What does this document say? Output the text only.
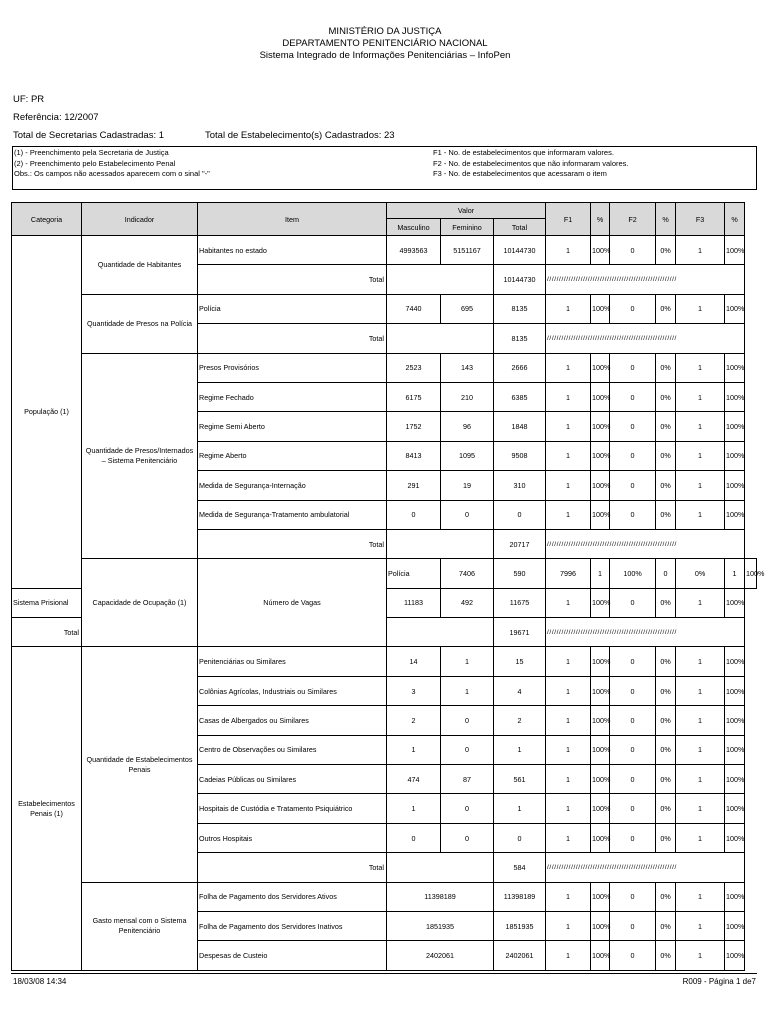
MINISTÉRIO DA JUSTIÇA
DEPARTAMENTO PENITENCIÁRIO NACIONAL
Sistema Integrado de Informações Penitenciárias – InfoPen
UF: PR
Referência: 12/2007
Total de Secretarias Cadastradas: 1	Total de Estabelecimento(s) Cadastrados: 23
(1) - Preenchimento pela Secretaria de Justiça
(2) - Preenchimento pelo Estabelecimento Penal
Obs.: Os campos não acessados aparecem com o sinal "-"
F1 - No. de estabelecimentos que informaram valores.
F2 - No. de estabelecimentos que não informaram valores.
F3 - No. de estabelecimentos que acessaram o item
Categoria	Indicador	Item	Valor			F1	%	F2	%	F3	%	
			Masculino	Feminino	Total							
População (1)	Quantidade de Habitantes	Habitantes no estado	4993563	5151167	10144730	1	100%	0	0%	1	100%	
		Total			10144730	//////////////////////////////////////////////////////						
	Quantidade de Presos na Polícia	Polícia	7440	695	8135	1	100%	0	0%	1	100%	
		Total			8135	//////////////////////////////////////////////////////						
	Quantidade de Presos/Internados – Sistema Penitenciário	Presos Provisórios	2523	143	2666	1	100%	0	0%	1	100%	
		Regime Fechado	6175	210	6385	1	100%	0	0%	1	100%	
		Regime Semi Aberto	1752	96	1848	1	100%	0	0%	1	100%	
		Regime Aberto	8413	1095	9508	1	100%	0	0%	1	100%	
		Medida de Segurança-Internação	291	19	310	1	100%	0	0%	1	100%	
		Medida de Segurança-Tratamento ambulatorial	0	0	0	1	100%	0	0%	1	100%	
		Total			20717	//////////////////////////////////////////////////////						
	Capacidade de Ocupação (1)	Número de Vagas	Polícia	7406	590	7996	1	100%	0	0%	1	100%
Sistema Prisional			11183	492	11675	1	100%	0	0%	1	100%	
Total					19671	//////////////////////////////////////////////////////						
Estabelecimentos Penais (1)	Quantidade de Estabelecimentos Penais	Penitenciárias ou Similares	14	1	15	1	100%	0	0%	1	100%	
		Colônias Agrícolas, Industriais ou Similares	3	1	4	1	100%	0	0%	1	100%	
		Casas de Albergados ou Similares	2	0	2	1	100%	0	0%	1	100%	
		Centro de Observações ou Similares	1	0	1	1	100%	0	0%	1	100%	
		Cadeias Públicas ou Similares	474	87	561	1	100%	0	0%	1	100%	
		Hospitais de Custódia e Tratamento Psiquiátrico	1	0	1	1	100%	0	0%	1	100%	
		Outros Hospitais	0	0	0	1	100%	0	0%	1	100%	
		Total			584	//////////////////////////////////////////////////////						
	Gasto mensal com o Sistema Penitenciário	Folha de Pagamento dos Servidores Ativos	11398189		11398189	1	100%	0	0%	1	100%	
		Folha de Pagamento dos Servidores Inativos	1851935		1851935	1	100%	0	0%	1	100%	
		Despesas de Custeio	2402061		2402061	1	100%	0	0%	1	100%	
18/03/08 14:34	R009 - Página 1 de7
